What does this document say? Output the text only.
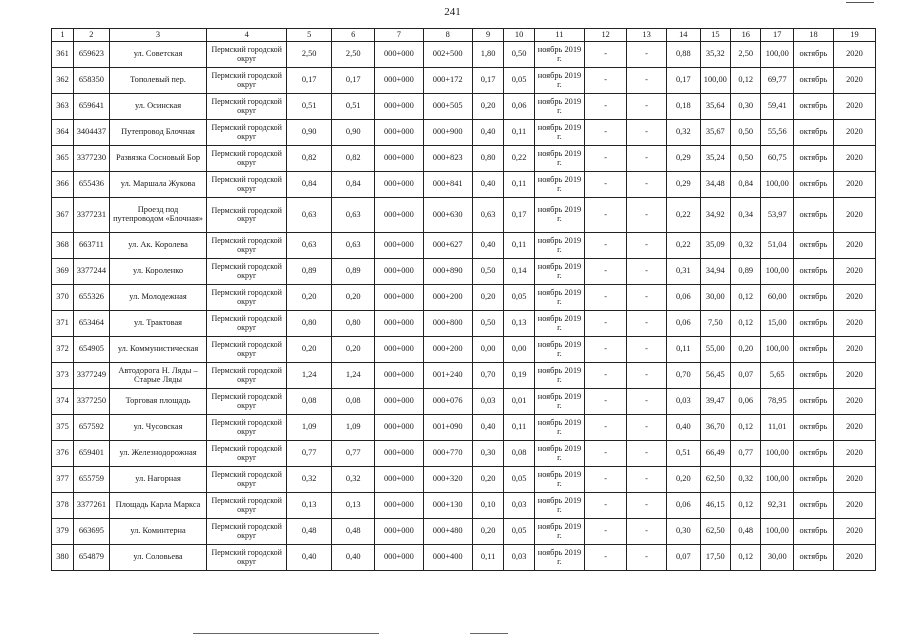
241
1	2	3	4	5	6	7	8	9	10	11	12	13	14	15	16	17	18	19
361	659623	ул. Советская	Пермский городской округ	2,50	2,50	000+000	002+500	1,80	0,50	ноябрь 2019 г.	-	-	0,88	35,32	2,50	100,00	октябрь	2020
362	658350	Тополевый пер.	Пермский городской округ	0,17	0,17	000+000	000+172	0,17	0,05	ноябрь 2019 г.	-	-	0,17	100,00	0,12	69,77	октябрь	2020
363	659641	ул. Осинская	Пермский городской округ	0,51	0,51	000+000	000+505	0,20	0,06	ноябрь 2019 г.	-	-	0,18	35,64	0,30	59,41	октябрь	2020
364	3404437	Путепровод Блочная	Пермский городской округ	0,90	0,90	000+000	000+900	0,40	0,11	ноябрь 2019 г.	-	-	0,32	35,67	0,50	55,56	октябрь	2020
365	3377230	Развязка Сосновый Бор	Пермский городской округ	0,82	0,82	000+000	000+823	0,80	0,22	ноябрь 2019 г.	-	-	0,29	35,24	0,50	60,75	октябрь	2020
366	655436	ул. Маршала Жукова	Пермский городской округ	0,84	0,84	000+000	000+841	0,40	0,11	ноябрь 2019 г.	-	-	0,29	34,48	0,84	100,00	октябрь	2020
367	3377231	Проезд под путепроводом «Блочная»	Пермский городской округ	0,63	0,63	000+000	000+630	0,63	0,17	ноябрь 2019 г.	-	-	0,22	34,92	0,34	53,97	октябрь	2020
368	663711	ул. Ак. Королева	Пермский городской округ	0,63	0,63	000+000	000+627	0,40	0,11	ноябрь 2019 г.	-	-	0,22	35,09	0,32	51,04	октябрь	2020
369	3377244	ул. Короленко	Пермский городской округ	0,89	0,89	000+000	000+890	0,50	0,14	ноябрь 2019 г.	-	-	0,31	34,94	0,89	100,00	октябрь	2020
370	655326	ул. Молодежная	Пермский городской округ	0,20	0,20	000+000	000+200	0,20	0,05	ноябрь 2019 г.	-	-	0,06	30,00	0,12	60,00	октябрь	2020
371	653464	ул. Трактовая	Пермский городской округ	0,80	0,80	000+000	000+800	0,50	0,13	ноябрь 2019 г.	-	-	0,06	7,50	0,12	15,00	октябрь	2020
372	654905	ул. Коммунистическая	Пермский городской округ	0,20	0,20	000+000	000+200	0,00	0,00	ноябрь 2019 г.	-	-	0,11	55,00	0,20	100,00	октябрь	2020
373	3377249	Автодорога Н. Ляды – Старые Ляды	Пермский городской округ	1,24	1,24	000+000	001+240	0,70	0,19	ноябрь 2019 г.	-	-	0,70	56,45	0,07	5,65	октябрь	2020
374	3377250	Торговая площадь	Пермский городской округ	0,08	0,08	000+000	000+076	0,03	0,01	ноябрь 2019 г.	-	-	0,03	39,47	0,06	78,95	октябрь	2020
375	657592	ул. Чусовская	Пермский городской округ	1,09	1,09	000+000	001+090	0,40	0,11	ноябрь 2019 г.	-	-	0,40	36,70	0,12	11,01	октябрь	2020
376	659401	ул. Железнодорожная	Пермский городской округ	0,77	0,77	000+000	000+770	0,30	0,08	ноябрь 2019 г.	-	-	0,51	66,49	0,77	100,00	октябрь	2020
377	655759	ул. Нагорная	Пермский городской округ	0,32	0,32	000+000	000+320	0,20	0,05	ноябрь 2019 г.	-	-	0,20	62,50	0,32	100,00	октябрь	2020
378	3377261	Площадь Карла Маркса	Пермский городской округ	0,13	0,13	000+000	000+130	0,10	0,03	ноябрь 2019 г.	-	-	0,06	46,15	0,12	92,31	октябрь	2020
379	663695	ул. Коминтерна	Пермский городской округ	0,48	0,48	000+000	000+480	0,20	0,05	ноябрь 2019 г.	-	-	0,30	62,50	0,48	100,00	октябрь	2020
380	654879	ул. Соловьева	Пермский городской округ	0,40	0,40	000+000	000+400	0,11	0,03	ноябрь 2019 г.	-	-	0,07	17,50	0,12	30,00	октябрь	2020
